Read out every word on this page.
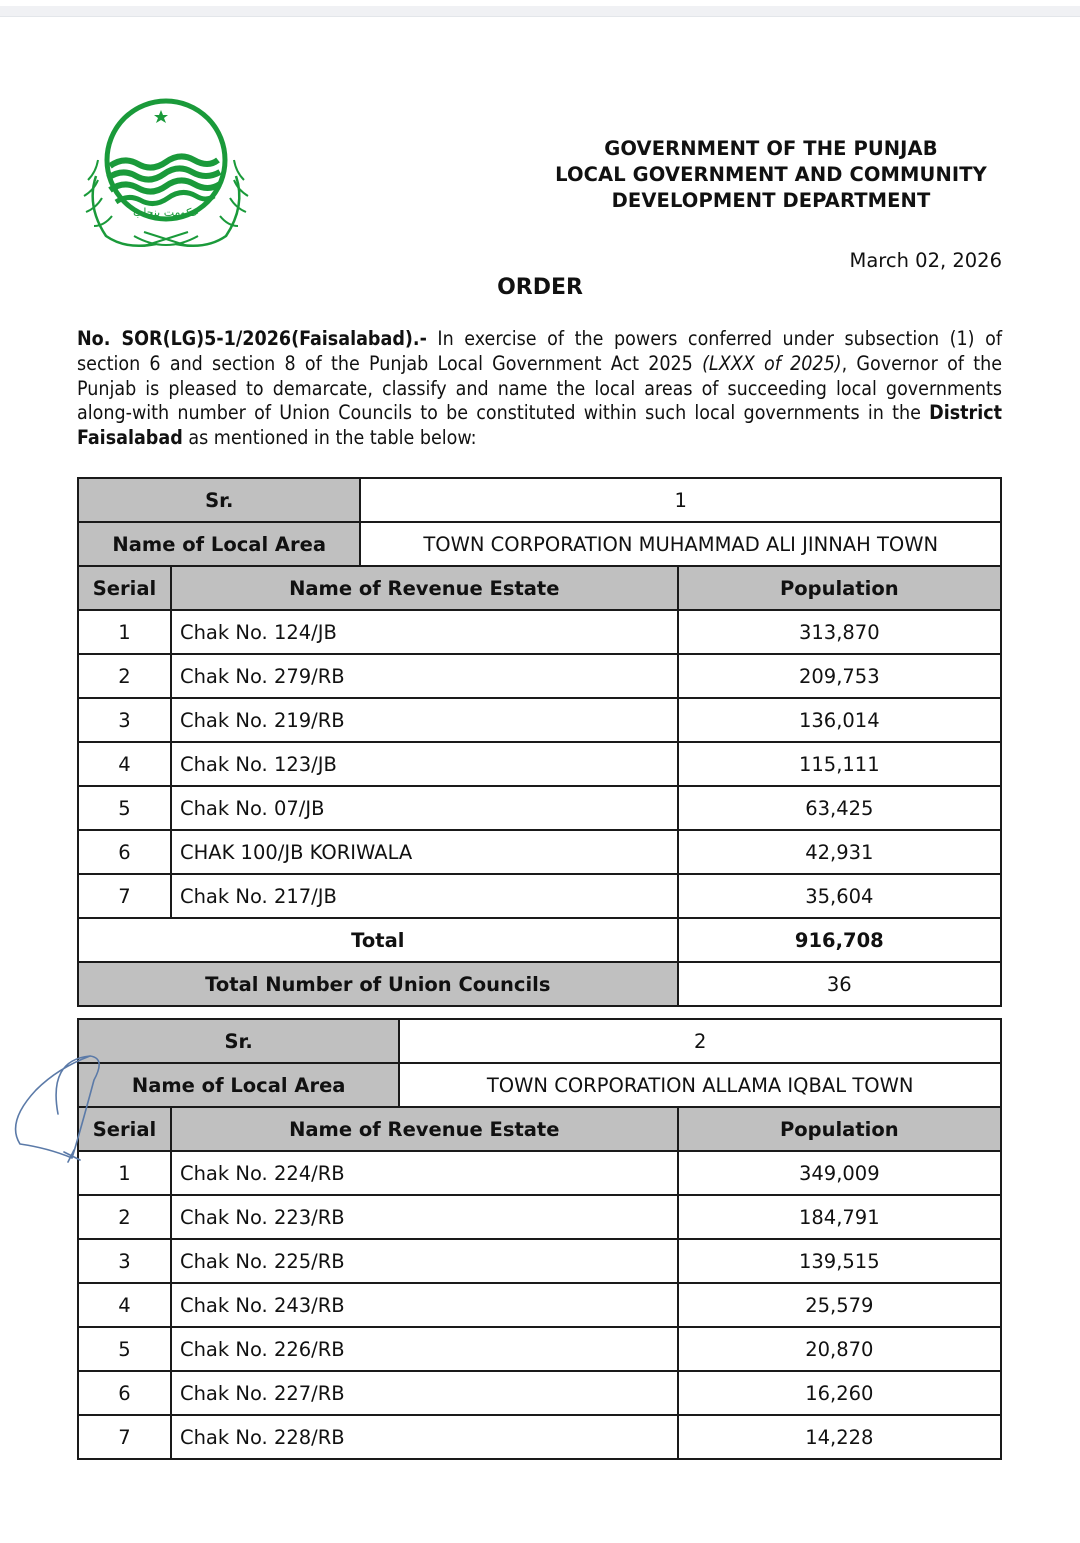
حکومت پنجاب
GOVERNMENT OF THE PUNJAB
LOCAL GOVERNMENT AND COMMUNITY
DEVELOPMENT DEPARTMENT
March 02, 2026
ORDER

No. SOR(LG)5-1/2026(Faisalabad).- In exercise of the powers conferred under subsection (1) of section 6 and section 8 of the Punjab Local Government Act 2025 (LXXX of 2025), Governor of the Punjab is pleased to demarcate, classify and name the local areas of succeeding local governments along-with number of Union Councils to be constituted within such local governments in the District Faisalabad as mentioned in the table below:

Sr.		1	
Name of Local Area		TOWN CORPORATION MUHAMMAD ALI JINNAH TOWN	
Serial	Name of Revenue Estate		Population
1	Chak No. 124/JB		313,870
2	Chak No. 279/RB		209,753
3	Chak No. 219/RB		136,014
4	Chak No. 123/JB		115,111
5	Chak No. 07/JB		63,425
6	CHAK 100/JB KORIWALA		42,931
7	Chak No. 217/JB		35,604
Total			916,708
Total Number of Union Councils			36
Sr.		2	
Name of Local Area		TOWN CORPORATION ALLAMA IQBAL TOWN	
Serial	Name of Revenue Estate		Population
1	Chak No. 224/RB		349,009
2	Chak No. 223/RB		184,791
3	Chak No. 225/RB		139,515
4	Chak No. 243/RB		25,579
5	Chak No. 226/RB		20,870
6	Chak No. 227/RB		16,260
7	Chak No. 228/RB		14,228
